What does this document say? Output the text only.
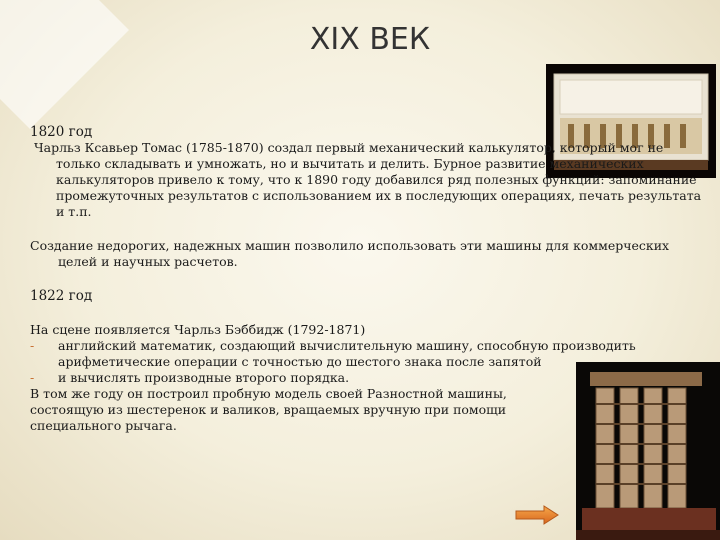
XIX ВЕК

1820 год

Чарльз Ксавьер Томас (1785-1870) создал первый механический калькулятор, который мог не только складывать и умножать, но и вычитать и делить. Бурное развитие механических калькуляторов привело к тому, что к 1890 году добавился ряд полезных функций: запоминание промежуточных результатов с использованием их в последующих операциях, печать результата и т.п.

Создание недорогих, надежных машин позволило использовать эти машины для коммерческих целей и научных расчетов.

1822 год

На сцене появляется Чарльз Бэббидж (1792-1871)

- английский математик, создающий вычислительную машину, способную производить арифметические операции с точностью до шестого знака после запятой

- и вычислять производные второго порядка.

В том же году он построил пробную модель своей Разностной машины,

состоящую из шестеренок и валиков, вращаемых вручную при помощи

специального рычага.
